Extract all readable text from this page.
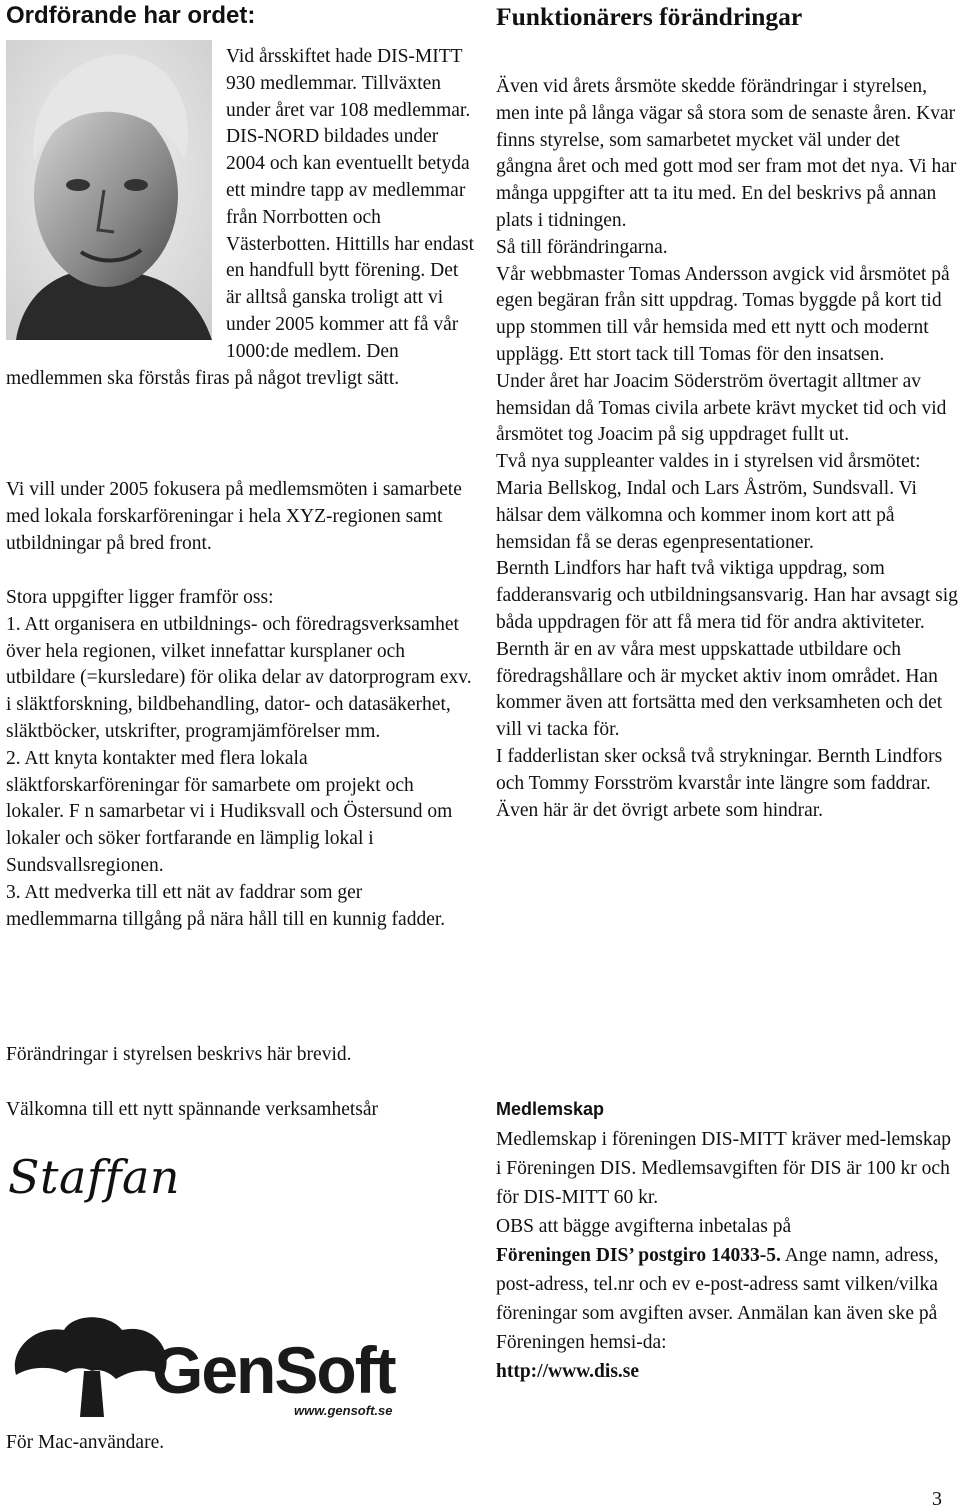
Ordförande har ordet:

Vid årsskiftet hade DIS-MITT 930 medlemmar. Tillväxten under året var 108 medlemmar. DIS-NORD bildades under 2004 och kan eventuellt betyda ett mindre tapp av medlemmar från Norrbotten och Västerbotten. Hittills har endast en handfull bytt förening. Det är alltså ganska troligt att vi under 2005 kommer att få vår 1000:de medlem. Den medlemmen ska förstås firas på något trevligt sätt.

Vi vill under 2005 fokusera på medlemsmöten i samarbete med lokala forskarföreningar i hela XYZ-regionen samt utbildningar på bred front.

Stora uppgifter ligger framför oss:

1. Att organisera en utbildnings- och föredragsverksamhet över hela regionen, vilket innefattar kursplaner och utbildare (=kursledare) för olika delar av datorprogram exv. i släktforskning, bildbehandling, dator- och datasäkerhet, släktböcker, utskrifter, programjämförelser mm.

2. Att knyta kontakter med flera lokala släktforskarföreningar för samarbete om projekt och lokaler. F n samarbetar vi i Hudiksvall och Östersund om lokaler och söker fortfarande en lämplig lokal i Sundsvallsregionen.

3. Att medverka till ett nät av faddrar som ger medlemmarna tillgång på nära håll till en kunnig fadder.

Förändringar i styrelsen beskrivs här brevid.
Välkomna till ett nytt spännande verksamhetsår
Staffan
GenSoft
www.gensoft.se
För Mac-användare.
Funktionärers förändringar

Även vid årets årsmöte skedde förändringar i styrelsen, men inte på långa vägar så stora som de senaste åren. Kvar finns styrelse, som samarbetet mycket väl under det gångna året och med gott mod ser fram mot det nya. Vi har många uppgifter att ta itu med. En del beskrivs på annan plats i tidningen.

Så till förändringarna.

Vår webbmaster Tomas Andersson avgick vid årsmötet på egen begäran från sitt uppdrag. Tomas byggde på kort tid upp stommen till vår hemsida med ett nytt och modernt upplägg. Ett stort tack till Tomas för den insatsen.

Under året har Joacim Söderström övertagit alltmer av hemsidan då Tomas civila arbete krävt mycket tid och vid årsmötet tog Joacim på sig uppdraget fullt ut.

Två nya suppleanter valdes in i styrelsen vid årsmötet: Maria Bellskog, Indal och Lars Åström, Sundsvall. Vi hälsar dem välkomna och kommer inom kort att på hemsidan få se deras egenpresentationer.

Bernth Lindfors har haft två viktiga uppdrag, som fadderansvarig och utbildningsansvarig. Han har avsagt sig båda uppdragen för att få mera tid för andra aktiviteter. Bernth är en av våra mest uppskattade utbildare och föredragshållare och är mycket aktiv inom området. Han kommer även att fortsätta med den verksamheten och det vill vi tacka för.

I fadderlistan sker också två strykningar. Bernth Lindfors och Tommy Forsström kvarstår inte längre som faddrar. Även här är det övrigt arbete som hindrar.

Medlemskap

Medlemskap i föreningen DIS-MITT kräver med-lemskap i Föreningen DIS. Medlemsavgiften för DIS är 100 kr och för DIS-MITT 60 kr.

OBS att bägge avgifterna inbetalas på
Föreningen DIS’ postgiro 14033-5. Ange namn, adress, post-adress, tel.nr och ev e-post-adress samt vilken/vilka föreningar som avgiften avser. Anmälan kan även ske på Föreningen hemsi-da:
http://www.dis.se

3
